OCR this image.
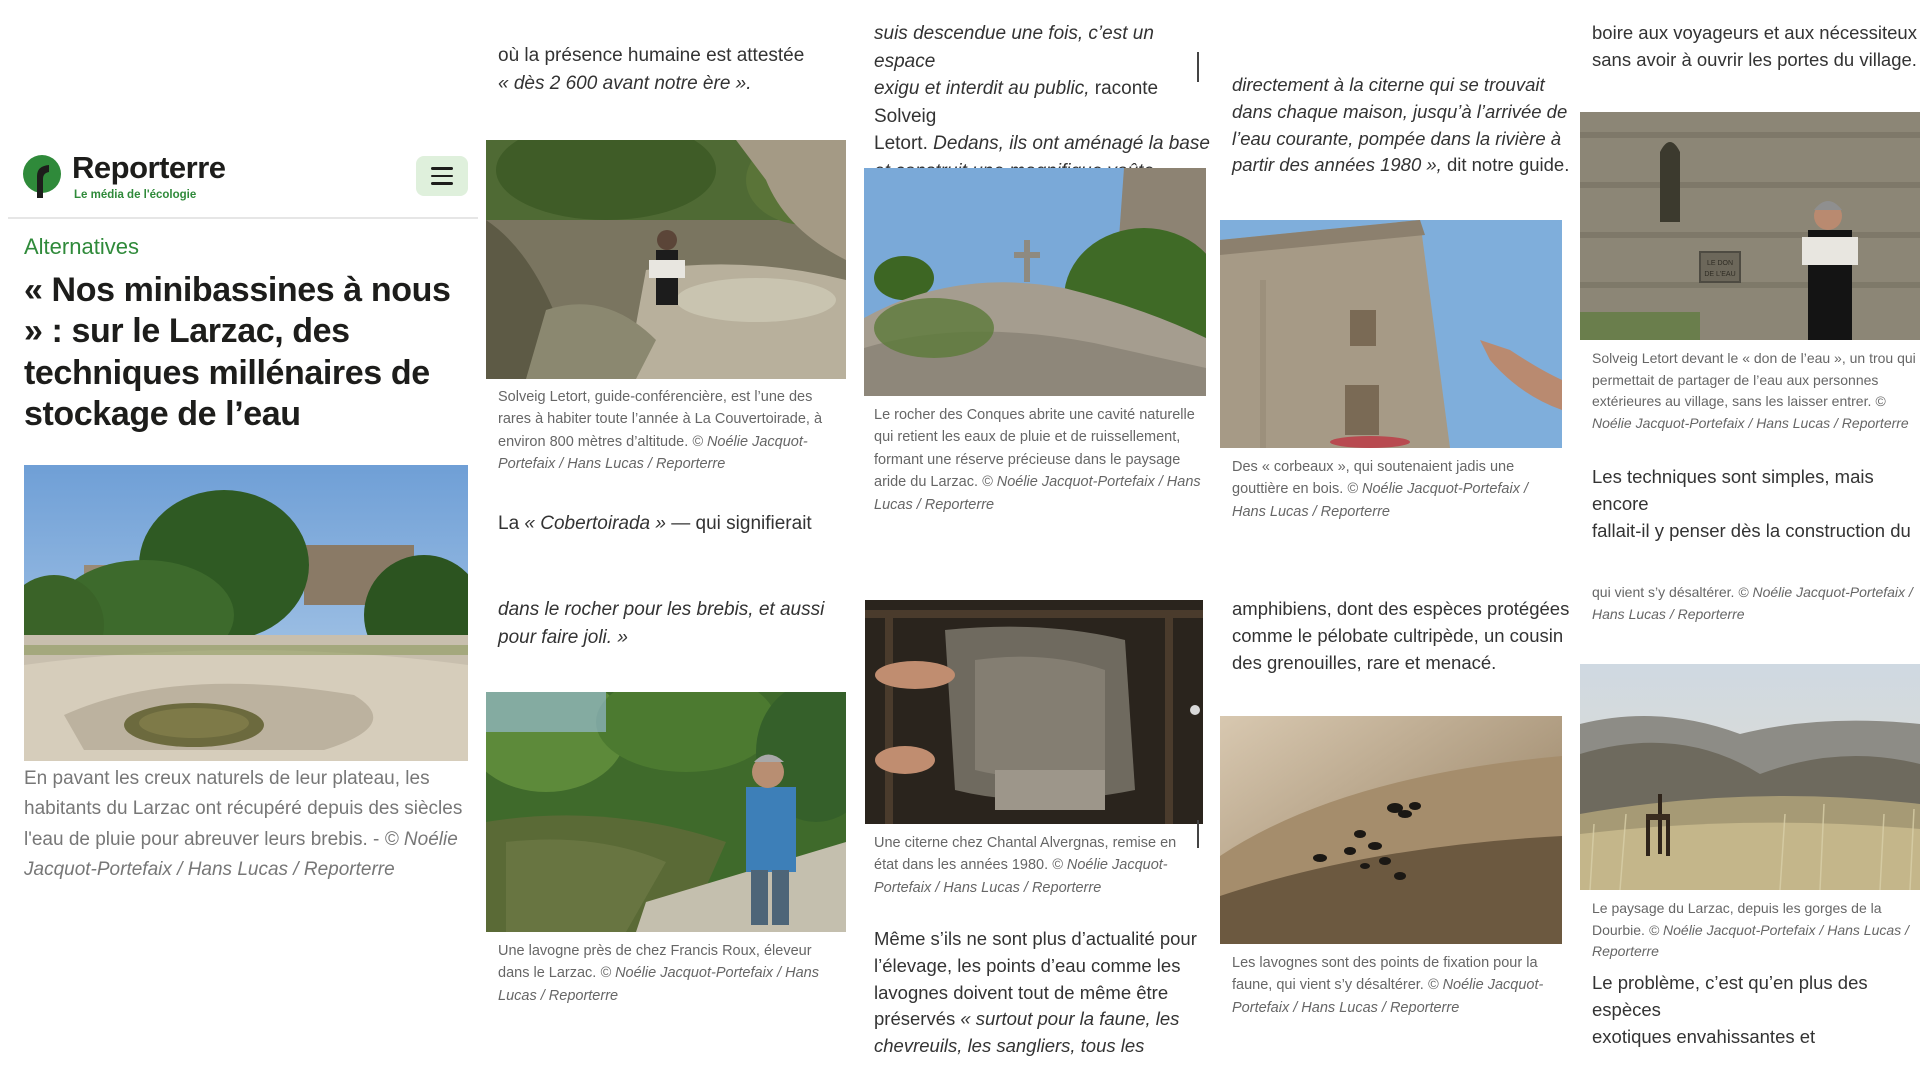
Reporterre
Le média de l'écologie
Alternatives
« Nos minibassines à nous » : sur le Larzac, des techniques millénaires de stockage de l’eau

En pavant les creux naturels de leur plateau, les habitants du Larzac ont récupéré depuis des siècles l'eau de pluie pour abreuver leurs brebis. - © Noélie Jacquot-Portefaix / Hans Lucas / Reporterre

où la présence humaine est attestée
« dès 2 600 avant notre ère ».

Solveig Letort, guide-conférencière, est l’une des rares à habiter toute l’année à La Couvertoirade, à environ 800 mètres d’altitude. © Noélie Jacquot-Portefaix / Hans Lucas / Reporterre

La « Cobertoirada » — qui signifierait
dans le rocher pour les brebis, et aussi
pour faire joli. »

Une lavogne près de chez Francis Roux, éleveur dans le Larzac. © Noélie Jacquot-Portefaix / Hans Lucas / Reporterre

suis descendue une fois, c’est un espace
exigu et interdit au public, raconte Solveig
Letort. Dedans, ils ont aménagé la base

Le rocher des Conques abrite une cavité naturelle qui retient les eaux de pluie et de ruissellement, formant une réserve précieuse dans le paysage aride du Larzac. © Noélie Jacquot-Portefaix / Hans Lucas / Reporterre

Une citerne chez Chantal Alvergnas, remise en état dans les années 1980. © Noélie Jacquot-Portefaix / Hans Lucas / Reporterre

Même s’ils ne sont plus d’actualité pour
l’élevage, les points d’eau comme les
lavognes doivent tout de même être
préservés « surtout pour la faune, les
chevreuils, les sangliers, tous les
directement à la citerne qui se trouvait
dans chaque maison, jusqu’à l’arrivée de
l’eau courante, pompée dans la rivière à
partir des années 1980 », dit notre guide.

Des « corbeaux », qui soutenaient jadis une gouttière en bois. © Noélie Jacquot-Portefaix / Hans Lucas / Reporterre

amphibiens, dont des espèces protégées
comme le pélobate cultripède, un cousin
des grenouilles, rare et menacé.

Les lavognes sont des points de fixation pour la faune, qui vient s’y désaltérer. © Noélie Jacquot-Portefaix / Hans Lucas / Reporterre

boire aux voyageurs et aux nécessiteux
sans avoir à ouvrir les portes du village.
LE DON
DE L'EAU

Solveig Letort devant le « don de l’eau », un trou qui permettait de partager de l’eau aux personnes extérieures au village, sans les laisser entrer. © Noélie Jacquot-Portefaix / Hans Lucas / Reporterre

Les techniques sont simples, mais encore
fallait-il y penser dès la construction du

qui vient s’y désaltérer. © Noélie Jacquot-Portefaix / Hans Lucas / Reporterre

Le paysage du Larzac, depuis les gorges de la Dourbie. © Noélie Jacquot-Portefaix / Hans Lucas / Reporterre

Le problème, c’est qu’en plus des espèces
exotiques envahissantes et
